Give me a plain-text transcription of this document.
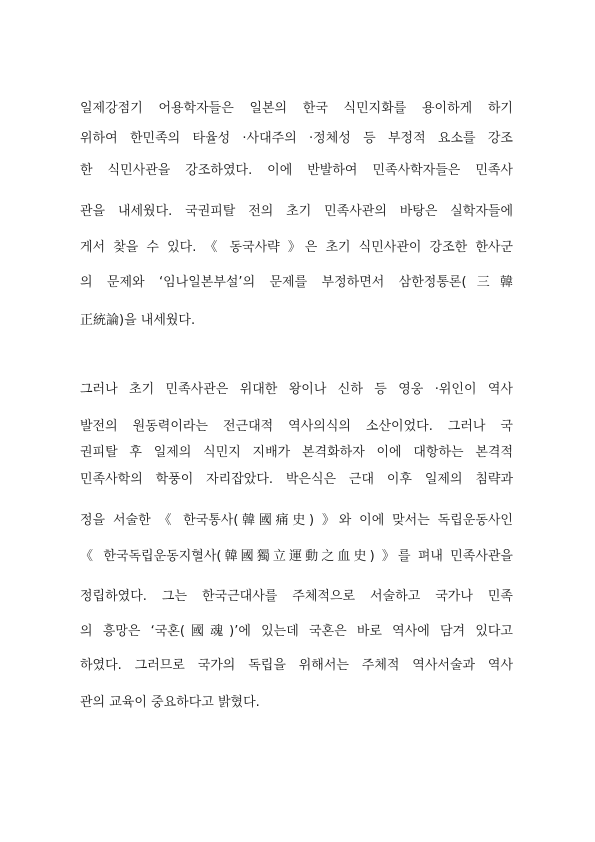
일제강점기 어용학자들은 일본의 한국 식민지화를 용이하게 하기
위하여 한민족의 타율성 ·사대주의 ·정체성 등 부정적 요소를 강조
한 식민사관을 강조하였다. 이에 반발하여 민족사학자들은 민족사
관을 내세웠다. 국권피탈 전의 초기 민족사관의 바탕은 실학자들에
게서 찾을 수 있다. 《 동국사략 》은 초기 식민사관이 강조한 한사군
의 문제와 ‘임나일본부설’의 문제를 부정하면서 삼한정통론(三韓
正統論)을 내세웠다.
그러나 초기 민족사관은 위대한 왕이나 신하 등 영웅 ·위인이 역사
발전의 원동력이라는 전근대적 역사의식의 소산이었다. 그러나 국
권피탈 후 일제의 식민지 지배가 본격화하자 이에 대항하는 본격적
민족사학의 학풍이 자리잡았다. 박은식은 근대 이후 일제의 침략과
정을 서술한 《 한국통사(韓國痛史) 》와 이에 맞서는 독립운동사인
《 한국독립운동지혈사(韓國獨立運動之血史) 》를 펴내 민족사관을
정립하였다. 그는 한국근대사를 주체적으로 서술하고 국가나 민족
의 흥망은 ‘국혼(國魂)’에 있는데 국혼은 바로 역사에 담겨 있다고
하였다. 그러므로 국가의 독립을 위해서는 주체적 역사서술과 역사
관의 교육이 중요하다고 밝혔다.
